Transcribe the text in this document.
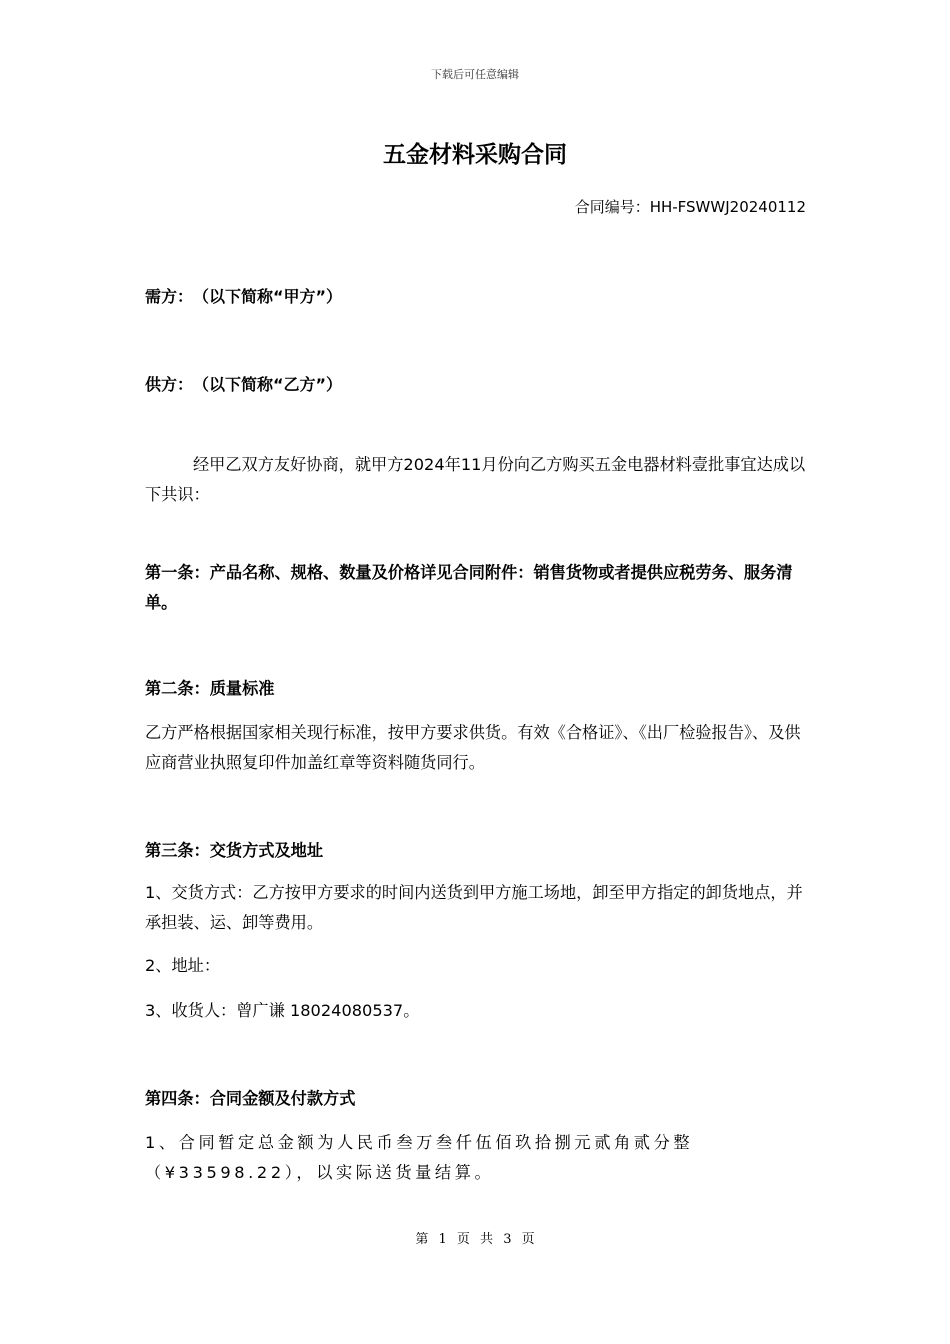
下载后可任意编辑
五金材料采购合同
合同编号：HH-FSWWJ20240112
需方：　（以下简称“甲方”）
供方：　（以下简称“乙方”）
经甲乙双方友好协商，就甲方2024年11月份向乙方购买五金电器材料壹批事宜达成以下共识：
第一条：产品名称、规格、数量及价格详见合同附件：销售货物或者提供应税劳务、服务清单。
第二条：质量标准
乙方严格根据国家相关现行标准，按甲方要求供货。有效《合格证》、《出厂检验报告》、及供应商营业执照复印件加盖红章等资料随货同行。
第三条：交货方式及地址
1、交货方式：乙方按甲方要求的时间内送货到甲方施工场地，卸至甲方指定的卸货地点，并承担装、运、卸等费用。
2、地址：
3、收货人：曾广谦 18024080537。
第四条：合同金额及付款方式
1、合同暂定总金额为人民币叁万叁仟伍佰玖拾捌元贰角贰分整（¥33598.22），以实际送货量结算。
第 1 页 共 3 页
